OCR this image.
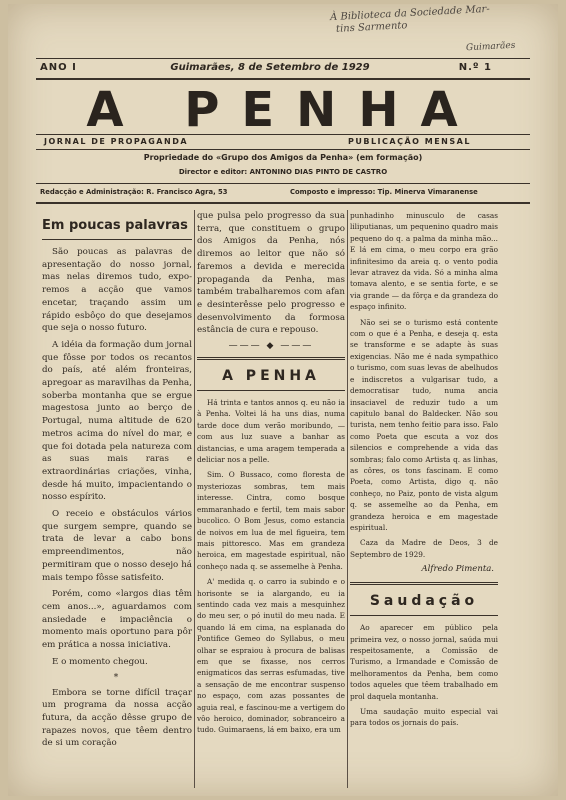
À Biblioteca da Sociedade Mar-
tins Sarmento
Guimarães
ANO I	Guimarães, 8 de Setembro de 1929	N.º 1
A PENHA
JORNAL DE PROPAGANDA	PUBLICAÇÃO MENSAL
Propriedade do «Grupo dos Amigos da Penha» (em formação)
Director e editor: ANTONINO DIAS PINTO DE CASTRO
Redacção e Administração: R. Francisco Agra, 53	Composto e impresso: Tip. Minerva Vimaranense
Em poucas palavras

São poucas as palavras de apresentação do nosso jornal, mas nelas diremos tudo, exporemos a acção que vamos encetar, traçando assim um rápido esbôço do que desejamos que seja o nosso futuro.

A idéia da formação dum jornal que fôsse por todos os recantos do país, até além fronteiras, apregoar as maravilhas da Penha, soberba montanha que se ergue magestosa junto ao berço de Portugal, numa altitude de 620 metros acima do nível do mar, e que foi dotada pela natureza com as suas mais raras e extraordinárias criações, vinha, desde há muito, impacientando o nosso espírito.

O receio e obstáculos vários que surgem sempre, quando se trata de levar a cabo bons empreendimentos, não permitiram que o nosso desejo há mais tempo fôsse satisfeito.

Porém, como «largos dias têm cem anos...», aguardamos com ansiedade e impaciência o momento mais oportuno para pôr em prática a nossa iniciativa.

E o momento chegou.

*

Embora se torne difícil traçar um programa da nossa acção futura, da acção dêsse grupo de rapazes novos, que têem dentro de si um coração

que pulsa pelo progresso da sua terra, que constituem o grupo dos Amigos da Penha, nós diremos ao leitor que não só faremos a devida e merecida propaganda da Penha, mas também trabalharemos com afan e desinterêsse pelo progresso e desenvolvimento da formosa estância de cura e repouso.

——— ◆ ———
A PENHA

Há trinta e tantos annos q. eu não ia à Penha. Voltei lá ha uns dias, numa tarde doce dum verão moribundo, — com aus luz suave a banhar as distancias, e uma aragem temperada a deliciar nos a pelle.

Sim. O Bussaco, como floresta de mysteriozas sombras, tem mais interesse. Cintra, como bosque emmaranhado e fertil, tem mais sabor bucolico. O Bom Jesus, como estancia de noivos em lua de mel figueira, tem mais pittoresco. Mas em grandeza heroica, em magestade espiritual, não conheço nada q. se assemelhe à Penha.

A' medida q. o carro ia subindo e o horisonte se ia alargando, eu ia sentindo cada vez mais a mesquinhez do meu ser, o pó inutil do meu nada. E quando lá em cima, na esplanada do Pontifice Gemeo do Syllabus, o meu olhar se espraiou à procura de balisas em que se fixasse, nos cerros enigmaticos das serras esfumadas, tive a sensação de me encontrar suspenso no espaço, com azas possantes de aguia real, e fascinou-me a vertigem do vôo heroico, dominador, sobranceiro a tudo. Guimaraens, lá em baixo, era um

punhadinho minusculo de casas liliputianas, um pequenino quadro mais pequeno do q. a palma da minha mão... E lá em cima, o meu corpo era grão infinitesimo da areia q. o vento podia levar atravez da vida. Só a minha alma tomava alento, e se sentia forte, e se via grande — da fôrça e da grandeza do espaço infinito.

Não sei se o turismo está contente com o que é a Penha, e deseja q. esta se transforme e se adapte às suas exigencias. Não me é nada sympathico o turismo, com suas levas de abelhudos e indiscretos a vulgarisar tudo, a democratisar tudo, numa ancia insaciavel de reduzir tudo a um capitulo banal do Baldecker. Não sou turista, nem tenho feitio para isso. Falo como Poeta que escuta a voz dos silencios e comprehende a vida das sombras; falo como Artista q. as linhas, as côres, os tons fascinam. E como Poeta, como Artista, digo q. não conheço, no Paiz, ponto de vista algum q. se assemelhe ao da Penha, em grandeza heroica e em magestade espiritual.

Caza da Madre de Deos, 3 de Septembro de 1929.

Alfredo Pimenta.
Saudação

Ao aparecer em público pela primeira vez, o nosso jornal, saúda mui respeitosamente, a Comissão de Turismo, a Irmandade e Comissão de melhoramentos da Penha, bem como todos aqueles que têem trabalhado em prol daquela montanha.

Uma saudação muito especial vai para todos os jornais do país.
